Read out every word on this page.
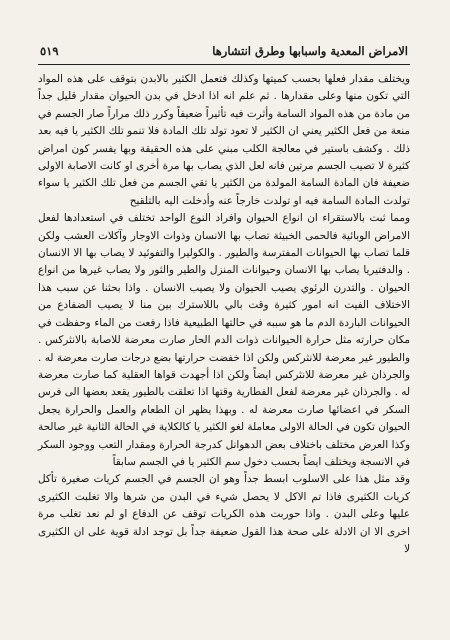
الامراض المعدية واسبابها وطرق انتشارها
٥١٩

ويختلف مقدار فعلها بحسب كميتها وكذلك فتعمل الكثير بالابدن بتوقف على هذه المواد التي تكون منها وعلى مقدارها . ثم علم انه اذا ادخل في بدن الحيوان مقدار قليل جداً من مادة من هذه المواد السامة وأثرت فيه تأثيراً ضعيفاً وكرر ذلك مراراً صار الجسم في منعة من فعل الكثير يعني ان الكثير لا تعود تولد تلك المادة فلا تنمو تلك الكثير يا فيه بعد ذلك . وكشف باستير في معالجة الكلب مبني على هذه الحقيقة وبها يفسر كون امراض كثيرة لا تصيب الجسم مرتين فانه لعل الذي يصاب بها مرة أخرى او كانت الاصابة الاولى ضعيفة فان المادة السامة المولدة من الكثير يا تقي الجسم من فعل تلك الكثير يا سواء تولدت المادة السامة فيه او تولدت خارجاً عنه وأدخلت اليه بالتلقيح

ومما ثبت بالاستقراء ان انواع الحيوان وافراد النوع الواحد تختلف في استعدادها لفعل الامراض الوبائية فالحمى الخبيثة تصاب بها الانسان وذوات الاوجار وآكلات العشب ولكن قلما تصاب بها الحيوانات المفترسة والطيور . والكوليرا والتفوئيد لا يصاب بها الا الانسان . والدفتيريا يصاب بها الانسان وحيوانات المنزل والطير والثور ولا يصاب غيرها من انواع الحيوان . والتدرن الرئوي يصيب الحيوان ولا يصيب الانسان . واذا بحثنا عن سبب هذا الاختلاف الفيت انه امور كثيرة وقت بالي باللاسترك بين منا لا يصيب الضفادع من الحيوانات الباردة الدم ما هو سببه في حالتها الطبيعية فاذا رفعت من الماء وحفظت في مكان حرارته مثل حرارة الحيوانات ذوات الدم الحار صارت معرضة للاصابة بالانثركس . والطيور غير معرضة للانثركس ولكن اذا خفضت حرارتها بضع درجات صارت معرضة له . والجرذان غير معرضة للانثركس ايضاً ولكن اذا أجهدت قواها العقلية كما صارت معرضة له . والجرذان غير معرضة لفعل الفطارية وقتها اذا تعلقت بالطيور يقعد بعضها الى فرس السكر في اعضائها صارت معرضة له . وبهذا يظهر ان الطعام والعمل والحرارة يجعل الحيوان تكون في الحالة الاولى معاملة لغو الكثير يا كالكلاية في الحالة الثانية غير صالحة وكذا العرض مختلف باختلاف بعض الدهوانل كدرجة الحرارة ومقدار التعب ووجود السكر في الانسجة ويختلف ايضاً بحسب دخول سم الكثير يا في الجسم سابقاً

وقد مثل هذا على الاسلوب ابسط جداً وهو ان الجسم في الجسم كريات صغيرة تأكل كريات الكثيرى فاذا تم الاكل لا يحصل شيء في البدن من شرها والا تغلبت الكثيرى عليها وعلى البدن . واذا حوربت هذه الكريات توقف عن الدفاع او لم نعد تغلب مرة اخرى الا ان الادلة على صحة هذا القول ضعيفة جداً بل توجد ادلة قوية على ان الكثيرى لا
